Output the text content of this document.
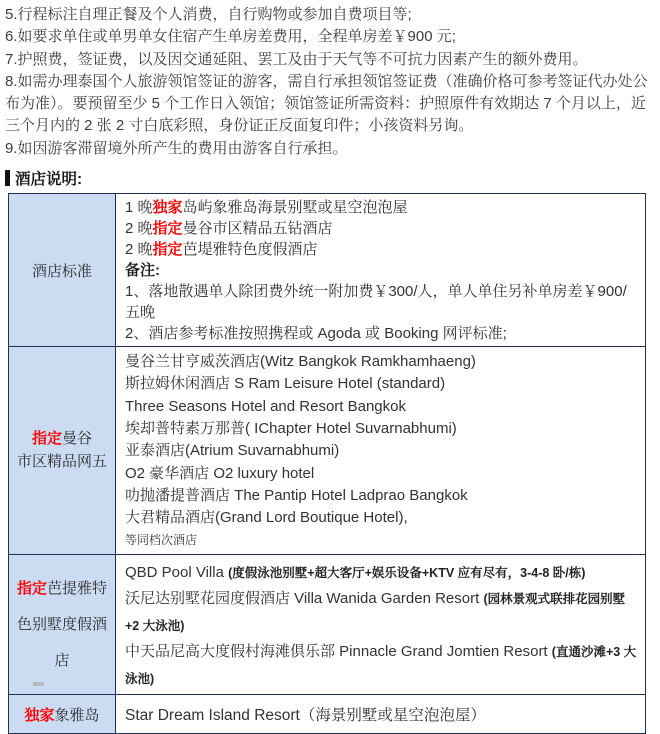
5.行程标注自理正餐及个人消费，自行购物或参加自费项目等;

6.如要求单住或单男单女住宿产生单房差费用，全程单房差￥900 元;

7.护照费，签证费，以及因交通延阻、罢工及由于天气等不可抗力因素产生的额外费用。

8.如需办理泰国个人旅游领馆签证的游客，需自行承担领馆签证费（准确价格可参考签证代办处公布为准）。要预留至少 5 个工作日入领馆；领馆签证所需资料：护照原件有效期达 7 个月以上，近三个月内的 2 张 2 寸白底彩照，身份证正反面复印件；小孩资料另询。

9.如因游客滞留境外所产生的费用由游客自行承担。

酒店说明:
酒店标准
1 晚独家岛屿象雅岛海景别墅或星空泡泡屋
2 晚指定曼谷市区精品五钻酒店
2 晚指定芭堤雅特色度假酒店
备注:
1、落地散遇单人除团费外统一附加费￥300/人，单人单住另补单房差￥900/五晚
2、酒店参考标准按照携程或 Agoda 或 Booking 网评标准;
指定曼谷
市区精品网五
曼谷兰甘亨威茨酒店(Witz Bangkok Ramkhamhaeng)
斯拉姆休闲酒店 S Ram Leisure Hotel (standard)
Three Seasons Hotel and Resort Bangkok
埃却普特素万那普( IChapter Hotel Suvarnabhumi)
亚泰酒店(Atrium Suvarnabhumi)
O2 豪华酒店 O2 luxury hotel
叻抛潘提普酒店 The Pantip Hotel Ladprao Bangkok
大君精品酒店(Grand Lord Boutique Hotel),
等同档次酒店
指定芭提雅特
色别墅度假酒
店
QBD Pool Villa (度假泳池别墅+超大客厅+娱乐设备+KTV 应有尽有，3-4-8 卧/栋)
沃尼达别墅花园度假酒店 Villa Wanida Garden Resort (园林景观式联排花园别墅+2 大泳池)
中天品尼高大度假村海滩俱乐部 Pinnacle Grand Jomtien Resort (直通沙滩+3 大泳池)
独家象雅岛 Star Dream Island Resort（海景别墅或星空泡泡屋）
